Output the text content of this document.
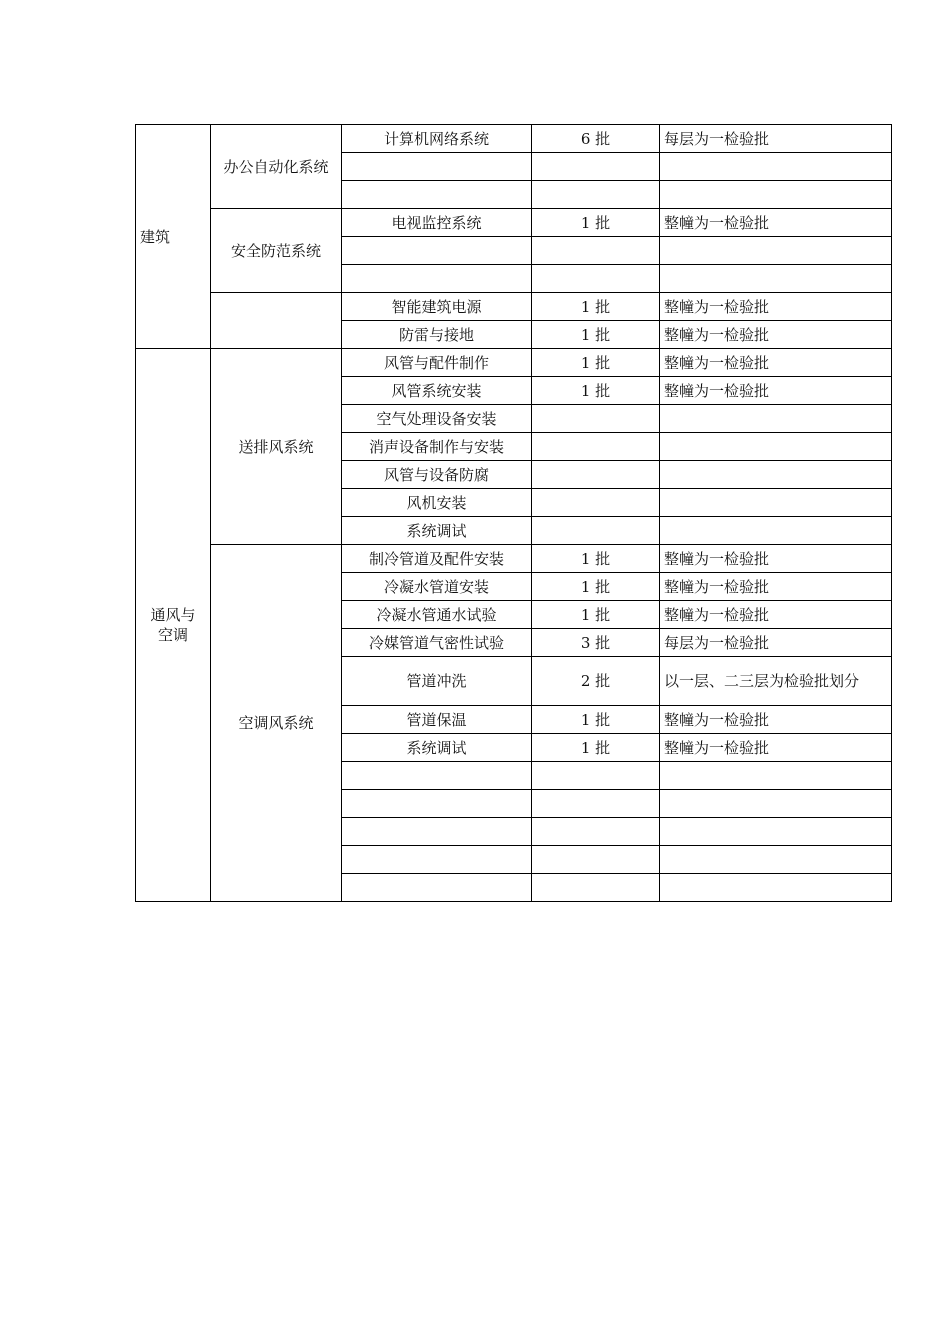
建筑	办公自动化系统	计算机网络系统	6 批	每层为一检验批

	安全防范系统	电视监控系统	1 批	整幢为一检验批

		智能建筑电源	1 批	整幢为一检验批
		防雷与接地	1 批	整幢为一检验批
通风与
空调	送排风系统	风管与配件制作	1 批	整幢为一检验批
		风管系统安装	1 批	整幢为一检验批
		空气处理设备安装		
		消声设备制作与安装		
		风管与设备防腐		
		风机安装		
		系统调试		
	空调风系统	制冷管道及配件安装	1 批	整幢为一检验批
		冷凝水管道安装	1 批	整幢为一检验批
		冷凝水管通水试验	1 批	整幢为一检验批
		冷媒管道气密性试验	3 批	每层为一检验批
		管道冲洗	2 批	以一层、二三层为检验批划分
		管道保温	1 批	整幢为一检验批
		系统调试	1 批	整幢为一检验批
